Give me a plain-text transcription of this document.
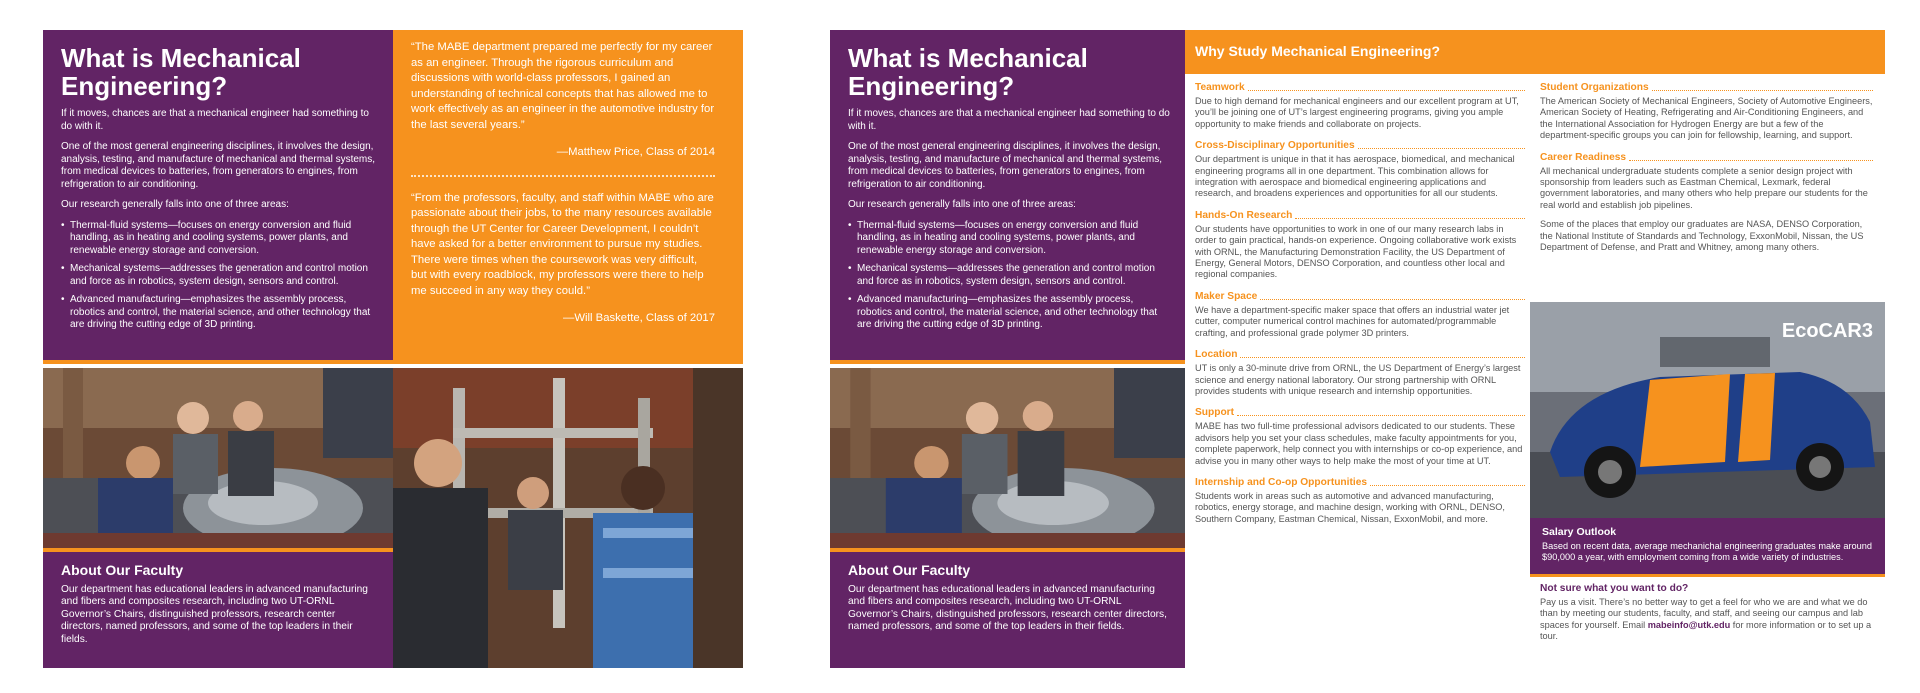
What is Mechanical Engineering?

If it moves, chances are that a mechanical engineer had something to do with it.

One of the most general engineering disciplines, it involves the design, analysis, testing, and manufacture of mechanical and thermal systems, from medical devices to batteries, from generators to engines, from refrigeration to air conditioning.

Our research generally falls into one of three areas:

• Thermal-fluid systems—focuses on energy conversion and fluid handling, as in heating and cooling systems, power plants, and renewable energy storage and conversion.
• Mechanical systems—addresses the generation and control motion and force as in robotics, system design, sensors and control.
• Advanced manufacturing—emphasizes the assembly process, robotics and control, the material science, and other technology that are driving the cutting edge of 3D printing.

“The MABE department prepared me perfectly for my career as an engineer. Through the rigorous curriculum and discussions with world-class professors, I gained an understanding of technical concepts that has allowed me to work effectively as an engineer in the automotive industry for the last several years.”

—Matthew Price, Class of 2014

“From the professors, faculty, and staff within MABE who are passionate about their jobs, to the many resources available through the UT Center for Career Development, I couldn’t have asked for a better environment to pursue my studies. There were times when the coursework was very difficult, but with every roadblock, my professors were there to help me succeed in any way they could.”

—Will Baskette, Class of 2017

About Our Faculty

Our department has educational leaders in advanced manufacturing and fibers and composites research, including two UT-ORNL Governor’s Chairs, distinguished professors, research center directors, named professors, and some of the top leaders in their fields.

What is Mechanical Engineering?

If it moves, chances are that a mechanical engineer had something to do with it.

One of the most general engineering disciplines, it involves the design, analysis, testing, and manufacture of mechanical and thermal systems, from medical devices to batteries, from generators to engines, from refrigeration to air conditioning.

Our research generally falls into one of three areas:

• Thermal-fluid systems—focuses on energy conversion and fluid handling, as in heating and cooling systems, power plants, and renewable energy storage and conversion.
• Mechanical systems—addresses the generation and control motion and force as in robotics, system design, sensors and control.
• Advanced manufacturing—emphasizes the assembly process, robotics and control, the material science, and other technology that are driving the cutting edge of 3D printing.
About Our Faculty

Our department has educational leaders in advanced manufacturing and fibers and composites research, including two UT-ORNL Governor’s Chairs, distinguished professors, research center directors, named professors, and some of the top leaders in their fields.

Why Study Mechanical Engineering?
Teamwork
Due to high demand for mechanical engineers and our excellent program at UT, you’ll be joining one of UT’s largest engineering programs, giving you ample opportunity to make friends and collaborate on projects.
Cross-Disciplinary Opportunities
Our department is unique in that it has aerospace, biomedical, and mechanical engineering programs all in one department. This combination allows for integration with aerospace and biomedical engineering applications and research, and broadens experiences and opportunities for all our students.
Hands-On Research
Our students have opportunities to work in one of our many research labs in order to gain practical, hands-on experience. Ongoing collaborative work exists with ORNL, the Manufacturing Demonstration Facility, the US Department of Energy, General Motors, DENSO Corporation, and countless other local and regional companies.
Maker Space
We have a department-specific maker space that offers an industrial water jet cutter, computer numerical control machines for automated/programmable crafting, and professional grade polymer 3D printers.
Location
UT is only a 30-minute drive from ORNL, the US Department of Energy’s largest science and energy national laboratory. Our strong partnership with ORNL provides students with unique research and internship opportunities.
Support
MABE has two full-time professional advisors dedicated to our students. These advisors help you set your class schedules, make faculty appointments for you, complete paperwork, help connect you with internships or co-op experience, and advise you in many other ways to help make the most of your time at UT.
Internship and Co-op Opportunities
Students work in areas such as automotive and advanced manufacturing, robotics, energy storage, and machine design, working with ORNL, DENSO, Southern Company, Eastman Chemical, Nissan, ExxonMobil, and more.
Student Organizations
The American Society of Mechanical Engineers, Society of Automotive Engineers, American Society of Heating, Refrigerating and Air-Conditioning Engineers, and the International Association for Hydrogen Energy are but a few of the department-specific groups you can join for fellowship, learning, and support.
Career Readiness

All mechanical undergraduate students complete a senior design project with sponsorship from leaders such as Eastman Chemical, Lexmark, federal government laboratories, and many others who help prepare our students for the real world and establish job pipelines.

Some of the places that employ our graduates are NASA, DENSO Corporation, the National Institute of Standards and Technology, ExxonMobil, Nissan, the US Department of Defense, and Pratt and Whitney, among many others.

EcoCAR3
Salary Outlook

Based on recent data, average mechanichal engineering graduates make around $90,000 a year, with employment coming from a wide variety of industries.

Not sure what you want to do?
Pay us a visit. There’s no better way to get a feel for who we are and what we do than by meeting our students, faculty, and staff, and seeing our campus and lab spaces for yourself. Email mabeinfo@utk.edu for more information or to set up a tour.
